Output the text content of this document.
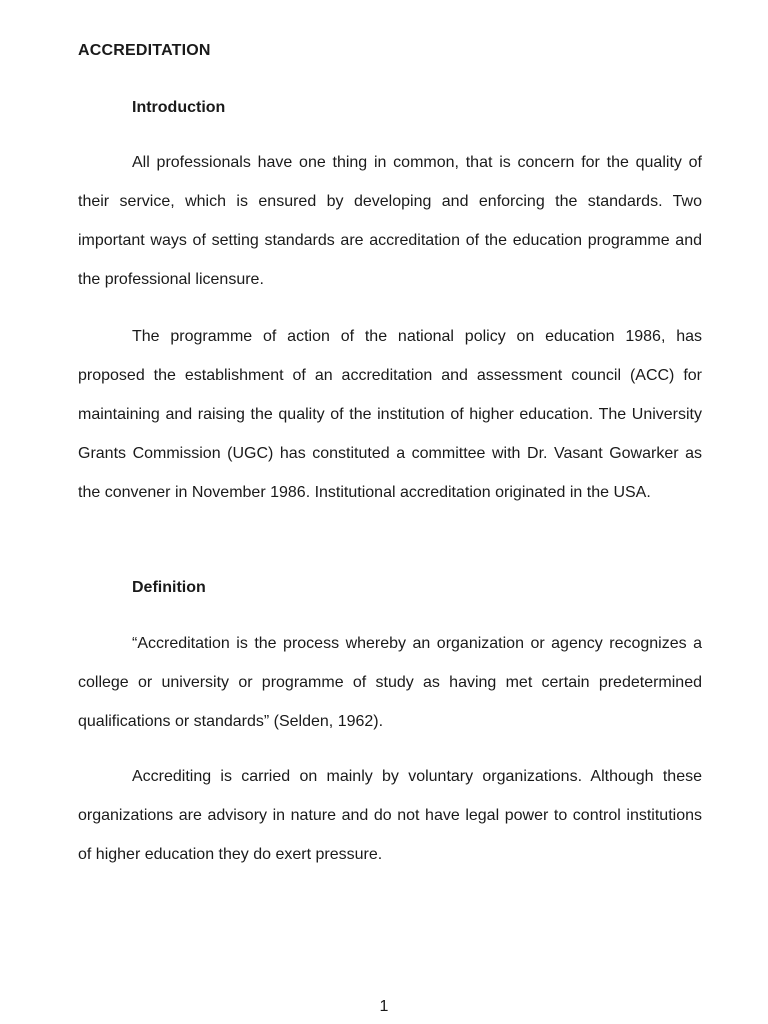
ACCREDITATION
Introduction

All professionals have one thing in common, that is concern for the quality of their service, which is ensured by developing and enforcing the standards. Two important ways of setting standards are accreditation of the education programme and the professional licensure.

The programme of action of the national policy on education 1986, has proposed the establishment of an accreditation and assessment council (ACC) for maintaining and raising the quality of the institution of higher education. The University Grants Commission (UGC) has constituted a committee with Dr. Vasant Gowarker as the convener in November 1986. Institutional accreditation originated in the USA.

Definition

“Accreditation is the process whereby an organization or agency recognizes a college or university or programme of study as having met certain predetermined qualifications or standards” (Selden, 1962).

Accrediting is carried on mainly by voluntary organizations. Although these organizations are advisory in nature and do not have legal power to control institutions of higher education they do exert pressure.

1
